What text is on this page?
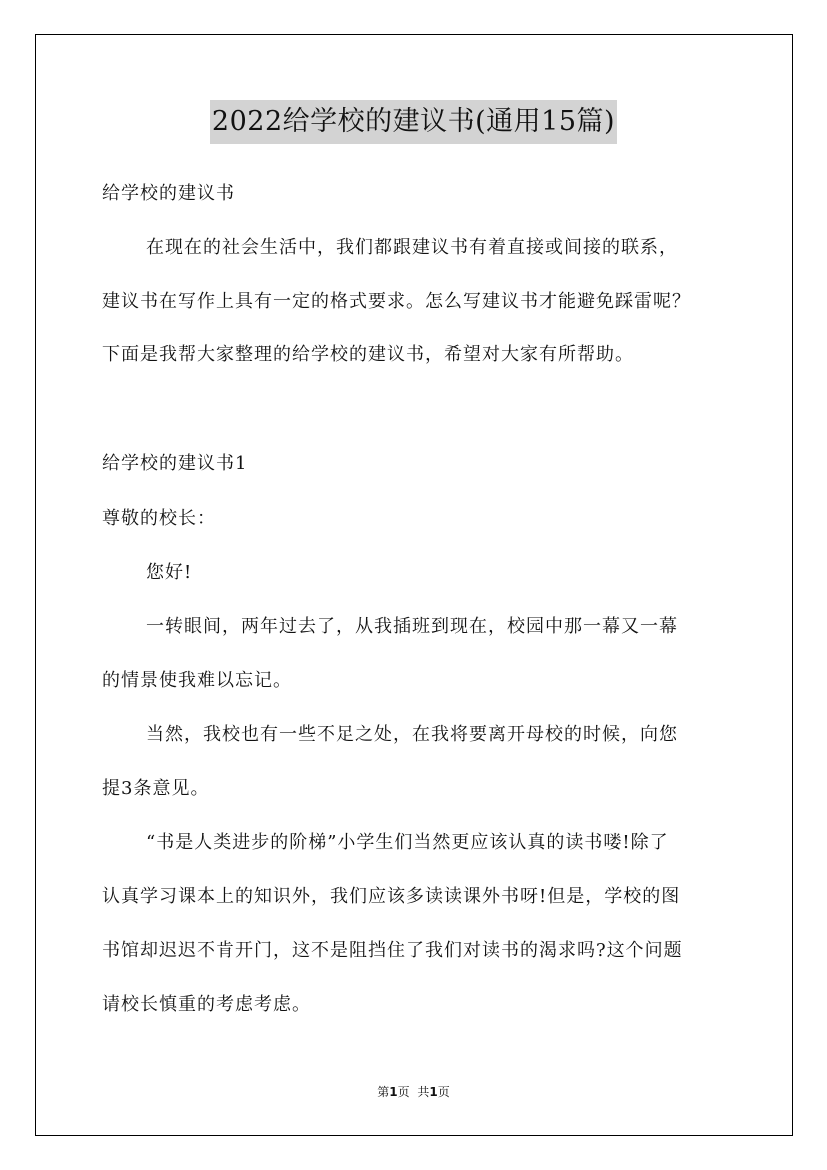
2022给学校的建议书(通用15篇)

给学校的建议书

在现在的社会生活中，我们都跟建议书有着直接或间接的联系，

建议书在写作上具有一定的格式要求。怎么写建议书才能避免踩雷呢？

下面是我帮大家整理的给学校的建议书，希望对大家有所帮助。

给学校的建议书1

尊敬的校长：

您好!

一转眼间，两年过去了，从我插班到现在，校园中那一幕又一幕

的情景使我难以忘记。

当然，我校也有一些不足之处，在我将要离开母校的时候，向您

提3条意见。

“书是人类进步的阶梯”小学生们当然更应该认真的读书喽!除了

认真学习课本上的知识外，我们应该多读读课外书呀!但是，学校的图

书馆却迟迟不肯开门，这不是阻挡住了我们对读书的渴求吗?这个问题

请校长慎重的考虑考虑。

第1页 共1页
